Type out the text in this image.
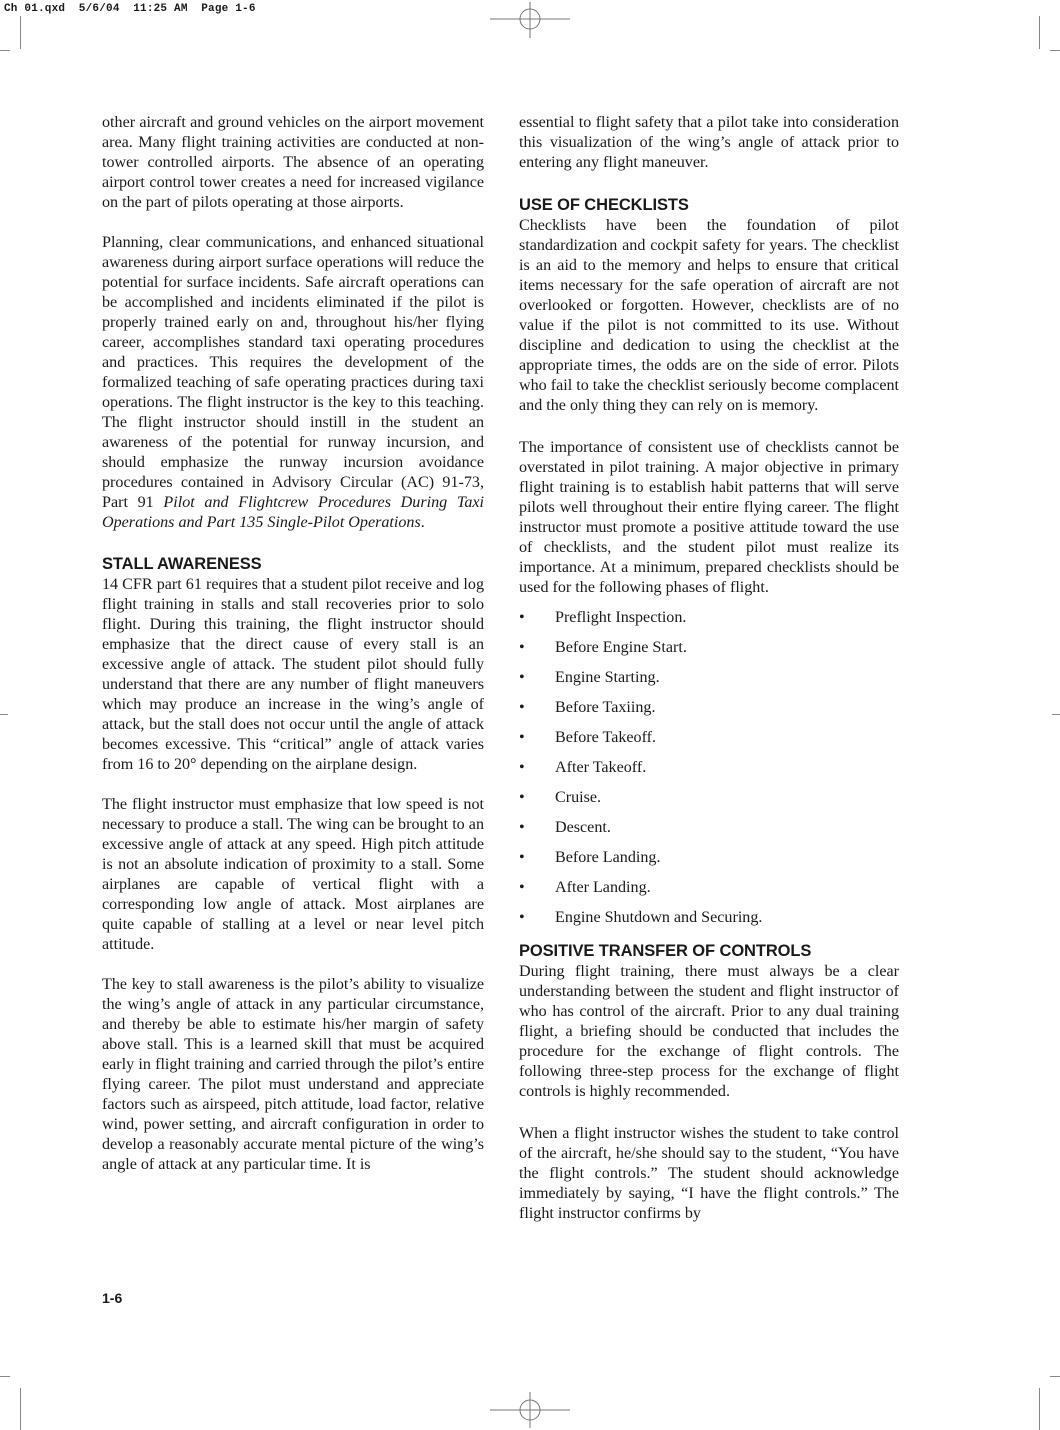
Ch 01.qxd  5/6/04  11:25 AM  Page 1-6

other aircraft and ground vehicles on the airport movement area. Many flight training activities are conducted at non-tower controlled airports. The absence of an operating airport control tower creates a need for increased vigilance on the part of pilots operating at those airports.

Planning, clear communications, and enhanced situational awareness during airport surface operations will reduce the potential for surface incidents. Safe aircraft operations can be accomplished and incidents eliminated if the pilot is properly trained early on and, throughout his/her flying career, accomplishes standard taxi operating procedures and practices. This requires the development of the formalized teaching of safe operating practices during taxi operations. The flight instructor is the key to this teaching. The flight instructor should instill in the student an awareness of the potential for runway incursion, and should emphasize the runway incursion avoidance procedures contained in Advisory Circular (AC) 91-73, Part 91 Pilot and Flightcrew Procedures During Taxi Operations and Part 135 Single-Pilot Operations.

STALL AWARENESS

14 CFR part 61 requires that a student pilot receive and log flight training in stalls and stall recoveries prior to solo flight. During this training, the flight instructor should emphasize that the direct cause of every stall is an excessive angle of attack. The student pilot should fully understand that there are any number of flight maneuvers which may produce an increase in the wing’s angle of attack, but the stall does not occur until the angle of attack becomes excessive. This “critical” angle of attack varies from 16 to 20° depending on the airplane design.

The flight instructor must emphasize that low speed is not necessary to produce a stall. The wing can be brought to an excessive angle of attack at any speed. High pitch attitude is not an absolute indication of proximity to a stall. Some airplanes are capable of vertical flight with a corresponding low angle of attack. Most airplanes are quite capable of stalling at a level or near level pitch attitude.

The key to stall awareness is the pilot’s ability to visualize the wing’s angle of attack in any particular circumstance, and thereby be able to estimate his/her margin of safety above stall. This is a learned skill that must be acquired early in flight training and carried through the pilot’s entire flying career. The pilot must understand and appreciate factors such as airspeed, pitch attitude, load factor, relative wind, power setting, and aircraft configuration in order to develop a reasonably accurate mental picture of the wing’s angle of attack at any particular time. It is

essential to flight safety that a pilot take into consideration this visualization of the wing’s angle of attack prior to entering any flight maneuver.

USE OF CHECKLISTS

Checklists have been the foundation of pilot standardization and cockpit safety for years. The checklist is an aid to the memory and helps to ensure that critical items necessary for the safe operation of aircraft are not overlooked or forgotten. However, checklists are of no value if the pilot is not committed to its use. Without discipline and dedication to using the checklist at the appropriate times, the odds are on the side of error. Pilots who fail to take the checklist seriously become complacent and the only thing they can rely on is memory.

The importance of consistent use of checklists cannot be overstated in pilot training. A major objective in primary flight training is to establish habit patterns that will serve pilots well throughout their entire flying career. The flight instructor must promote a positive attitude toward the use of checklists, and the student pilot must realize its importance. At a minimum, prepared checklists should be used for the following phases of flight.

• Preflight Inspection.
• Before Engine Start.
• Engine Starting.
• Before Taxiing.
• Before Takeoff.
• After Takeoff.
• Cruise.
• Descent.
• Before Landing.
• After Landing.
• Engine Shutdown and Securing.
POSITIVE TRANSFER OF CONTROLS

During flight training, there must always be a clear understanding between the student and flight instructor of who has control of the aircraft. Prior to any dual training flight, a briefing should be conducted that includes the procedure for the exchange of flight controls. The following three-step process for the exchange of flight controls is highly recommended.

When a flight instructor wishes the student to take control of the aircraft, he/she should say to the student, “You have the flight controls.” The student should acknowledge immediately by saying, “I have the flight controls.” The flight instructor confirms by

1-6
